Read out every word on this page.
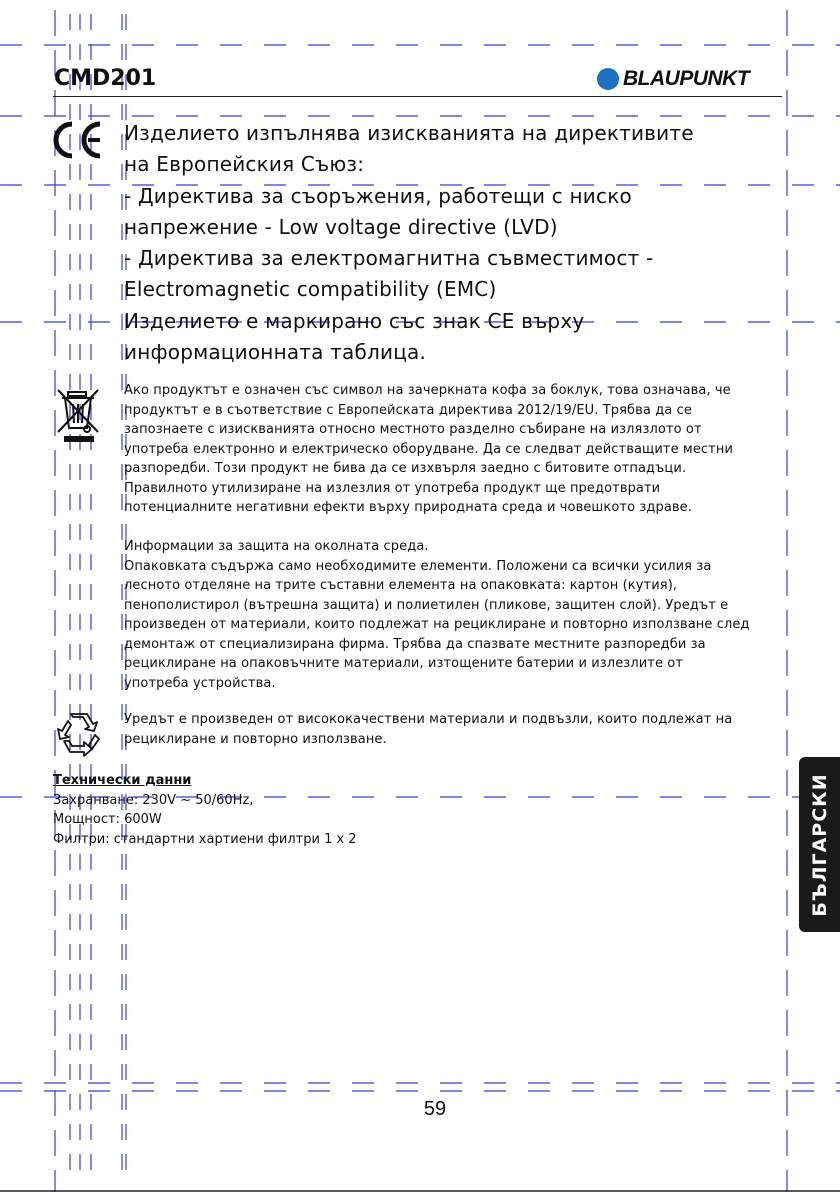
CMD201	BLAUPUNKT
Изделието изпълнява изискванията на директивите
на Европейския Съюз:
- Директива за съоръжения, работещи с ниско
напрежение - Low voltage directive (LVD)
- Директива за електромагнитна съвместимост -
Electromagnetic compatibility (EMC)
Изделието е маркирано със знак CE върху
информационната таблица.
Ако продуктът е означен със символ на зачеркната кофа за боклук, това означава, че
продуктът е в съответствие с Европейската директива 2012/19/EU. Трябва да се
запознаете с изискванията относно местното разделно събиране на излязлото от
употреба електронно и електрическо оборудване. Да се следват действащите местни
разпоредби. Този продукт не бива да се изхвърля заедно с битовите отпадъци.
Правилното утилизиране на излезлия от употреба продукт ще предотврати
потенциалните негативни ефекти върху природната среда и човешкото здраве.
Информации за защита на околната среда.
Опаковката съдържа само необходимите елементи. Положени са всички усилия за
лесното отделяне на трите съставни елемента на опаковката: картон (кутия),
пенополистирол (вътрешна защита) и полиетилен (пликове, защитен слой). Уредът е
произведен от материали, които подлежат на рециклиране и повторно използване след
демонтаж от специализирана фирма. Трябва да спазвате местните разпоредби за
рециклиране на опаковъчните материали, изтощените батерии и излезлите от
употреба устройства.
Уредът е произведен от висококачествени материали и подвъзли, които подлежат на
рециклиране и повторно използване.
Технически данни
Захранване: 230V ~ 50/60Hz,
Мощност: 600W
Филтри: стандартни хартиени филтри 1 x 2	БЪЛГАРСКИ
59
